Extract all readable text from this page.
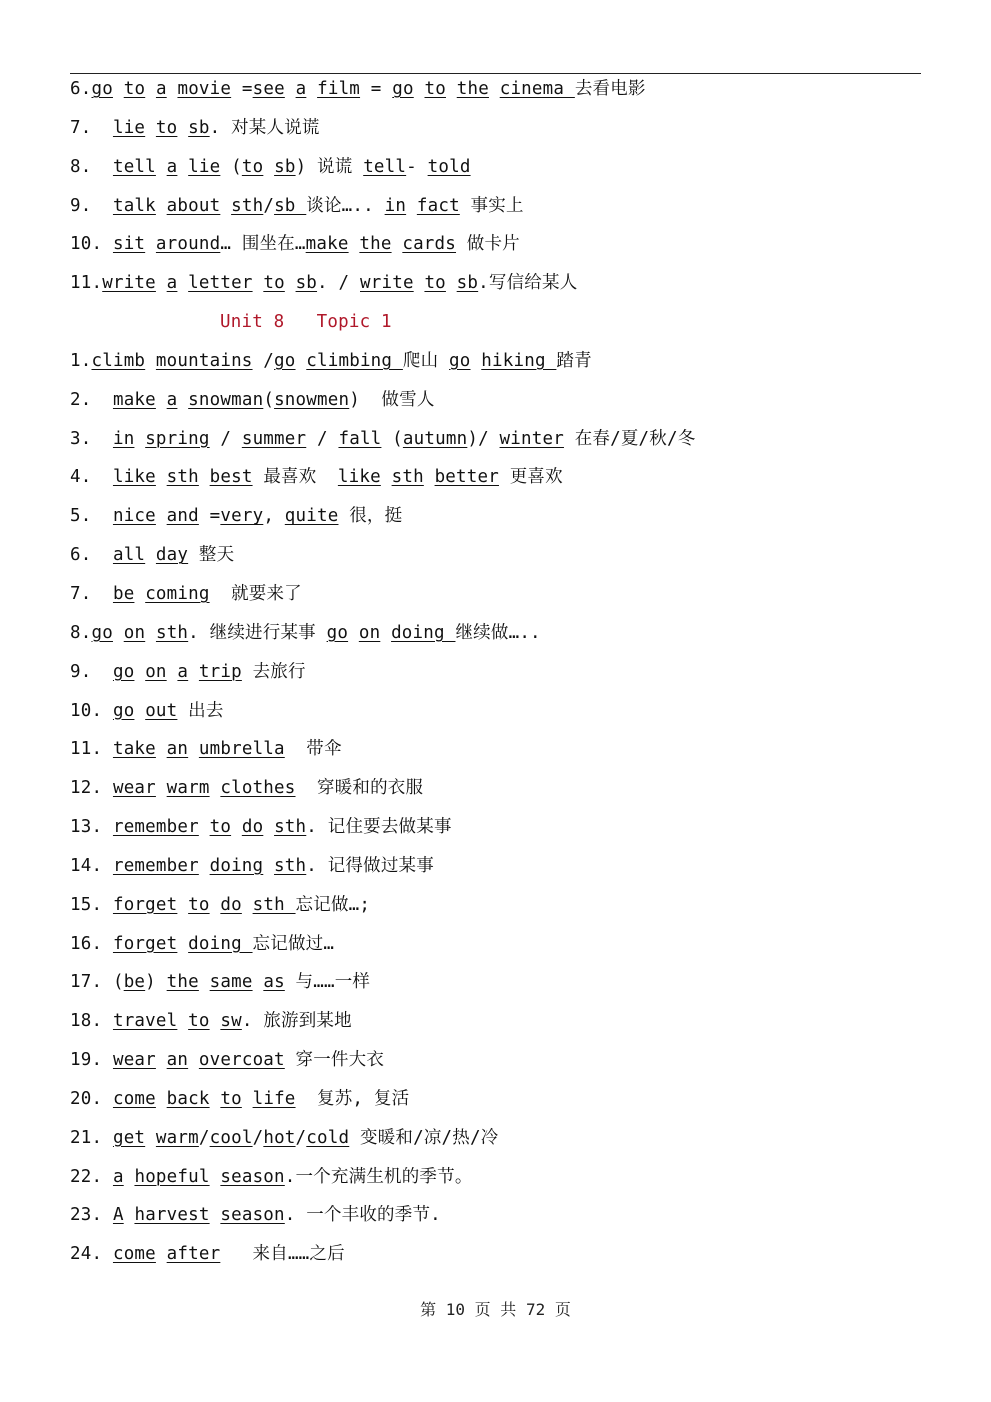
6.go to a movie =see a film = go to the cinema 去看电影
7.  lie to sb. 对某人说谎
8.  tell a lie (to sb) 说谎 tell- told
9.  talk about sth/sb 谈论….. in fact 事实上
10. sit around… 围坐在…make the cards 做卡片
11.write a letter to sb. / write to sb.写信给某人
Unit 8   Topic 1
1.climb mountains /go climbing 爬山 go hiking 踏青
2.  make a snowman(snowmen)  做雪人
3.  in spring / summer / fall (autumn)/ winter 在春/夏/秋/冬
4.  like sth best 最喜欢  like sth better 更喜欢
5.  nice and =very, quite 很，挺
6.  all day 整天
7.  be coming  就要来了
8.go on sth. 继续进行某事 go on doing 继续做…..
9.  go on a trip 去旅行
10. go out 出去
11. take an umbrella  带伞
12. wear warm clothes  穿暖和的衣服
13. remember to do sth. 记住要去做某事
14. remember doing sth. 记得做过某事
15. forget to do sth 忘记做…;
16. forget doing 忘记做过…
17. (be) the same as 与……一样
18. travel to sw. 旅游到某地
19. wear an overcoat 穿一件大衣
20. come back to life  复苏, 复活
21. get warm/cool/hot/cold 变暖和/凉/热/冷
22. a hopeful season.一个充满生机的季节。
23. A harvest season. 一个丰收的季节.
24. come after   来自……之后
第 10 页 共 72 页
